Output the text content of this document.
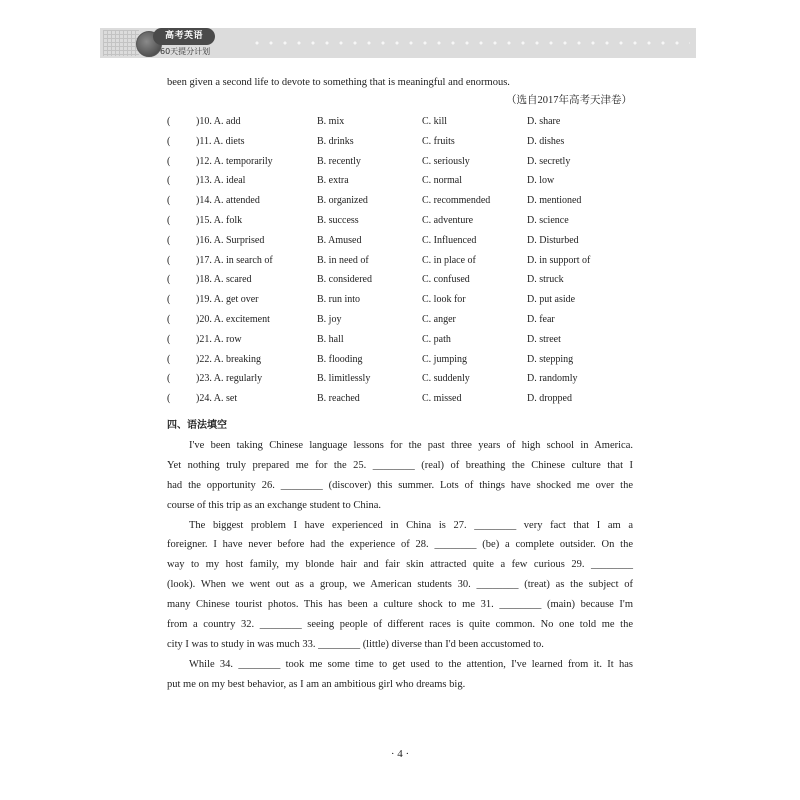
高考英语
60天提分计划
been given a second life to devote to something that is meaningful and enormous.
（选自2017年高考天津卷）
(	)10. A. add	B. mix	C. kill	D. share
(	)11. A. diets	B. drinks	C. fruits	D. dishes
(	)12. A. temporarily	B. recently	C. seriously	D. secretly
(	)13. A. ideal	B. extra	C. normal	D. low
(	)14. A. attended	B. organized	C. recommended	D. mentioned
(	)15. A. folk	B. success	C. adventure	D. science
(	)16. A. Surprised	B. Amused	C. Influenced	D. Disturbed
(	)17. A. in search of	B. in need of	C. in place of	D. in support of
(	)18. A. scared	B. considered	C. confused	D. struck
(	)19. A. get over	B. run into	C. look for	D. put aside
(	)20. A. excitement	B. joy	C. anger	D. fear
(	)21. A. row	B. hall	C. path	D. street
(	)22. A. breaking	B. flooding	C. jumping	D. stepping
(	)23. A. regularly	B. limitlessly	C. suddenly	D. randomly
(	)24. A. set	B. reached	C. missed	D. dropped
四、语法填空
I've been taking Chinese language lessons for the past three years of high school in America.
Yet nothing truly prepared me for the 25. ________ (real) of breathing the Chinese culture that I
had the opportunity 26. ________ (discover) this summer. Lots of things have shocked me over the
course of this trip as an exchange student to China.
The biggest problem I have experienced in China is 27. ________ very fact that I am a
foreigner. I have never before had the experience of 28. ________ (be) a complete outsider. On the
way to my host family, my blonde hair and fair skin attracted quite a few curious 29. ________
(look). When we went out as a group, we American students 30. ________ (treat) as the subject of
many Chinese tourist photos. This has been a culture shock to me 31. ________ (main) because I'm
from a country 32. ________ seeing people of different races is quite common. No one told me the
city I was to study in was much 33. ________ (little) diverse than I'd been accustomed to.
While 34. ________ took me some time to get used to the attention, I've learned from it. It has
put me on my best behavior, as I am an ambitious girl who dreams big.
· 4 ·
